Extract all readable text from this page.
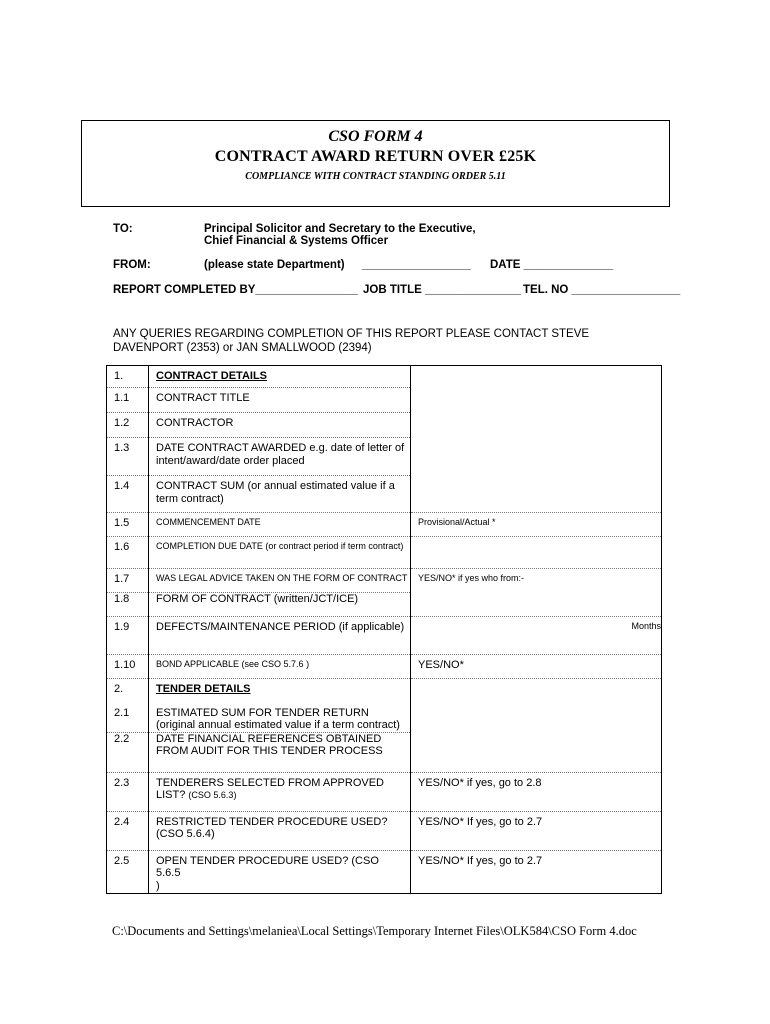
CSO FORM 4
CONTRACT AWARD RETURN OVER £25K
COMPLIANCE WITH CONTRACT STANDING ORDER 5.11
TO:	Principal Solicitor and Secretary to the Executive,
Chief Financial & Systems Officer
FROM:	(please state Department) _________________ DATE ______________
REPORT COMPLETED BY________________ JOB TITLE _______________ TEL. NO _________________
ANY QUERIES REGARDING COMPLETION OF THIS REPORT PLEASE CONTACT STEVE
DAVENPORT (2353) or JAN SMALLWOOD (2394)
1.	CONTRACT DETAILS	

1.1	CONTRACT TITLE	

1.2	CONTRACTOR	

1.3	DATE CONTRACT AWARDED e.g. date of letter of intent/award/date order placed	

1.4	CONTRACT SUM (or annual estimated value if a term contract)	

1.5	COMMENCEMENT DATE	Provisional/Actual *

1.6	COMPLETION DUE DATE (or contract period if term contract)	

1.7	WAS LEGAL ADVICE TAKEN ON THE FORM OF CONTRACT	YES/NO* if yes who from:-

1.8	FORM OF CONTRACT (written/JCT/ICE)	

1.9	DEFECTS/MAINTENANCE PERIOD (if applicable)	Months

1.10	BOND APPLICABLE (see CSO 5.7.6 )	YES/NO*

2.	TENDER DETAILS	

2.1	ESTIMATED SUM FOR TENDER RETURN (original annual estimated value if a term contract)	

2.2	DATE FINANCIAL REFERENCES OBTAINED FROM AUDIT FOR THIS TENDER PROCESS	

2.3	TENDERERS SELECTED FROM APPROVED LIST? (CSO 5.6.3)	YES/NO* if yes, go to 2.8

2.4	RESTRICTED TENDER PROCEDURE USED? (CSO 5.6.4)	YES/NO* If yes, go to 2.7

2.5	OPEN TENDER PROCEDURE USED? (CSO 5.6.5
)	YES/NO* If yes, go to 2.7
C:\Documents and Settings\melaniea\Local Settings\Temporary Internet Files\OLK584\CSO Form 4.doc
